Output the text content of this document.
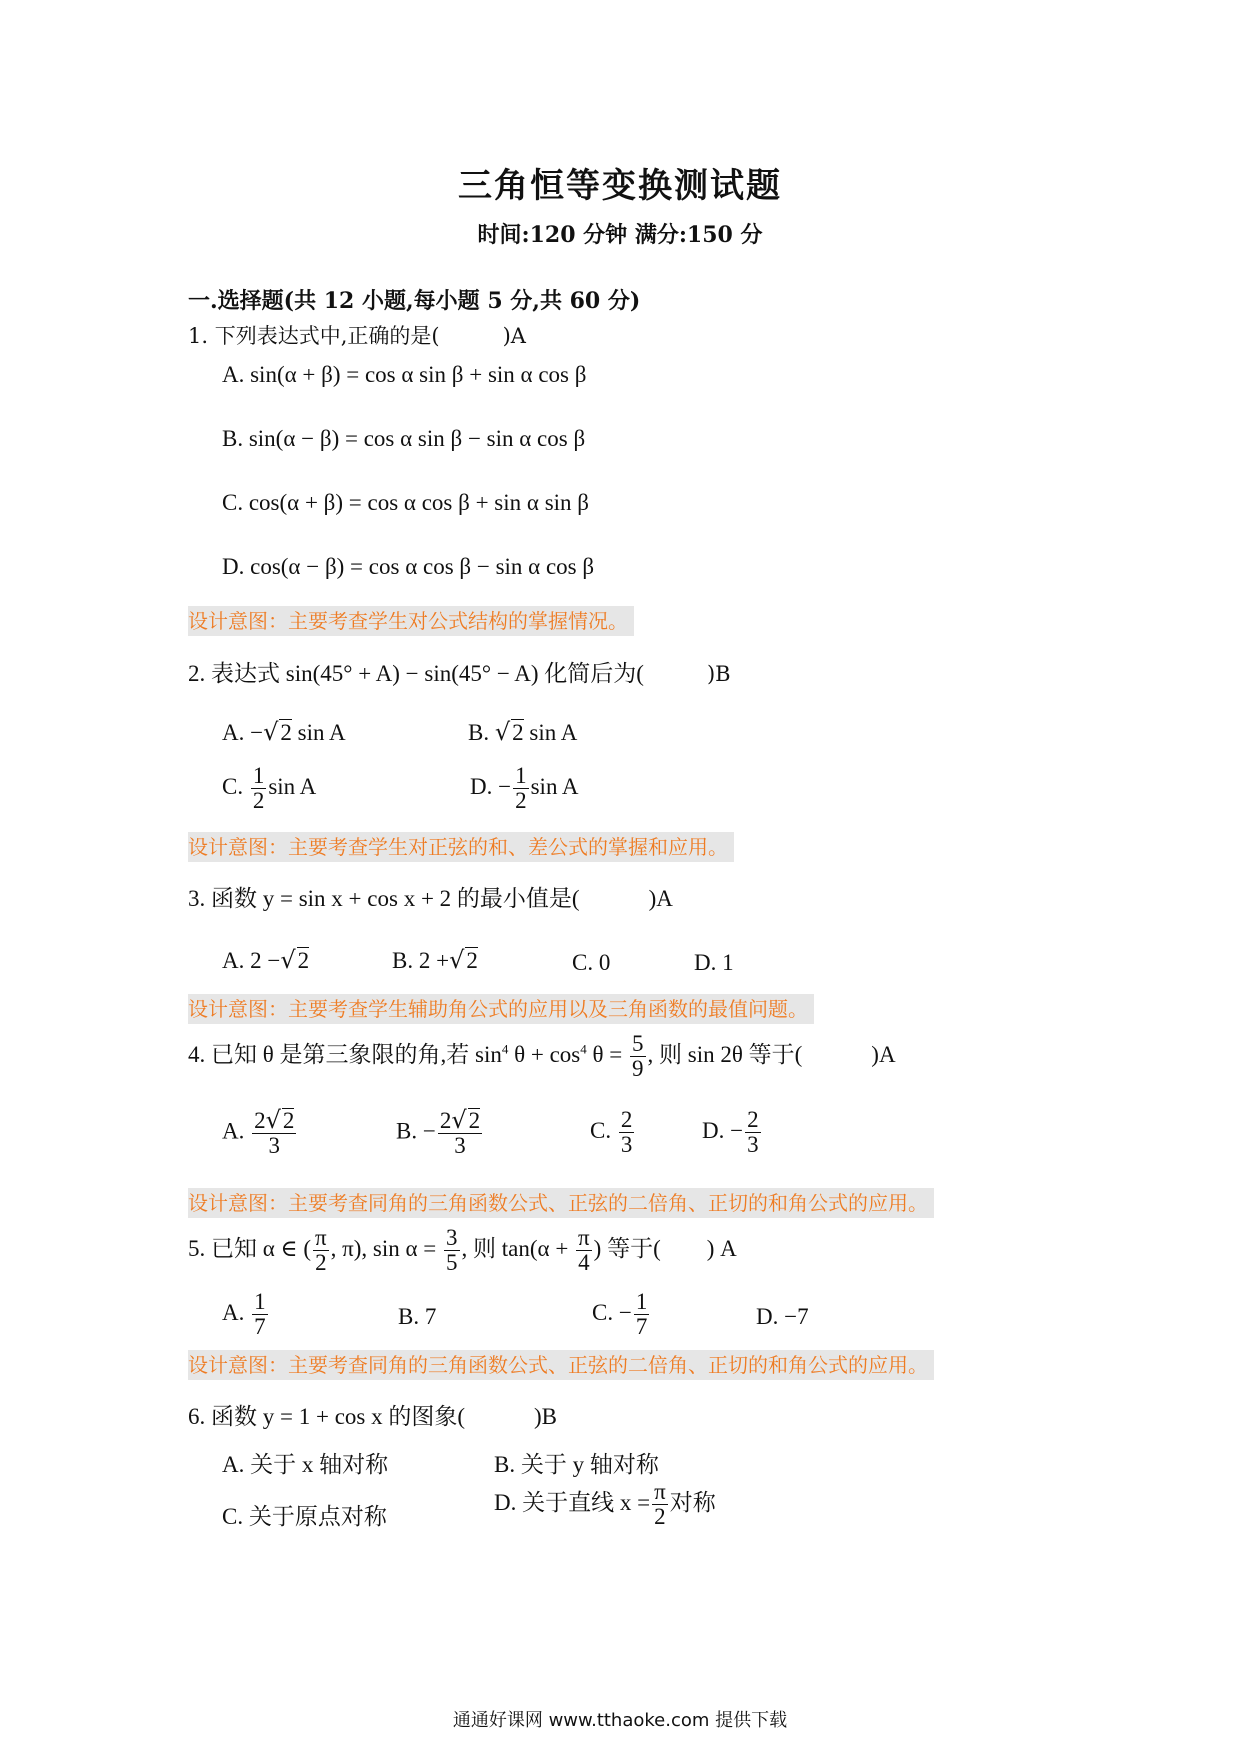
三角恒等变换测试题
时间:120 分钟 满分:150 分
一.选择题(共 12 小题,每小题 5 分,共 60 分)
1. 下列表达式中,正确的是(　　　)A
A. sin(α + β) = cos α sin β + sin α cos β
B. sin(α − β) = cos α sin β − sin α cos β
C. cos(α + β) = cos α cos β + sin α sin β
D. cos(α − β) = cos α cos β − sin α cos β
设计意图：主要考查学生对公式结构的掌握情况。
2. 表达式 sin(45° + A) − sin(45° − A) 化简后为(　　　)B
A. −√2 sin A	B. √2 sin A
C. $\frac{1}{2}$ sin A	D. − $\frac{1}{2}$ sin A
设计意图：主要考查学生对正弦的和、差公式的掌握和应用。
3. 函数 y = sin x + cos x + 2 的最小值是(　　　)A
A. 2 −√2	B. 2 +√2	C. 0	D. 1
设计意图：主要考查学生辅助角公式的应用以及三角函数的最值问题。
4. 已知 θ 是第三象限的角,若 $\sin^4 \theta + \cos^4 \theta = \frac{5}{9}$ , 则 sin 2θ 等于(　　　)A
A. $\frac{2√2}{3}$	B. − $\frac{2√2}{3}$	C. $\frac{2}{3}$	D. − $\frac{2}{3}$
设计意图：主要考查同角的三角函数公式、正弦的二倍角、正切的和角公式的应用。
5. 已知 α ∈ ( $\frac{\pi}{2}$ , π), $\sin \alpha = \frac{3}{5}$ , 则 $\tan(\alpha + \frac{\pi}{4}$ ) 等于(　　) A
A. $\frac{1}{7}$	B. 7	C. − $\frac{1}{7}$	D. −7
设计意图：主要考查同角的三角函数公式、正弦的二倍角、正切的和角公式的应用。
6. 函数 y = 1 + cos x 的图象(　　　)B
A. 关于 x 轴对称	B. 关于 y 轴对称
C. 关于原点对称
D. 关于直线 $x = \frac{\pi}{2}$ 对称
通通好课网 www.tthaoke.com 提供下载
